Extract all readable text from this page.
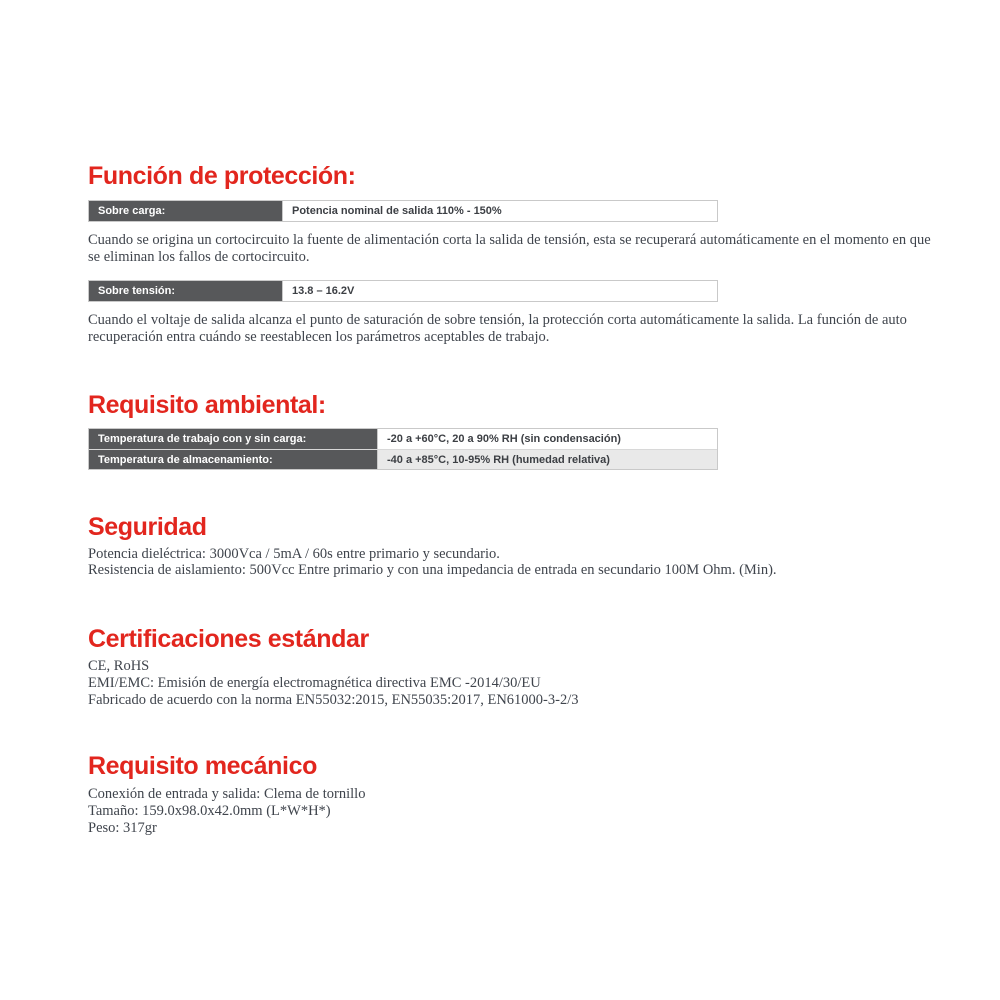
Función de protección:
Sobre carga:	Potencia nominal de salida 110% - 150%

Cuando se origina un cortocircuito la fuente de alimentación corta la salida de tensión, esta se recuperará automáticamente en el momento en que se eliminan los fallos de cortocircuito.

Sobre tensión:	13.8 – 16.2V

Cuando el voltaje de salida alcanza el punto de saturación de sobre tensión, la protección corta automáticamente la salida. La función de auto recuperación entra cuándo se reestablecen los parámetros aceptables de trabajo.

Requisito ambiental:
Temperatura de trabajo con y sin carga:	-20 a +60°C, 20 a 90% RH (sin condensación)
Temperatura de almacenamiento:	-40 a +85°C, 10-95% RH (humedad relativa)
Seguridad
Potencia dieléctrica: 3000Vca / 5mA / 60s entre primario y secundario.
Resistencia de aislamiento: 500Vcc Entre primario y con una impedancia de entrada en secundario 100M Ohm. (Min).
Certificaciones estándar
CE, RoHS
EMI/EMC: Emisión de energía electromagnética directiva EMC -2014/30/EU
Fabricado de acuerdo con la norma EN55032:2015, EN55035:2017, EN61000-3-2/3
Requisito mecánico
Conexión de entrada y salida: Clema de tornillo
Tamaño: 159.0x98.0x42.0mm (L*W*H*)
Peso: 317gr
